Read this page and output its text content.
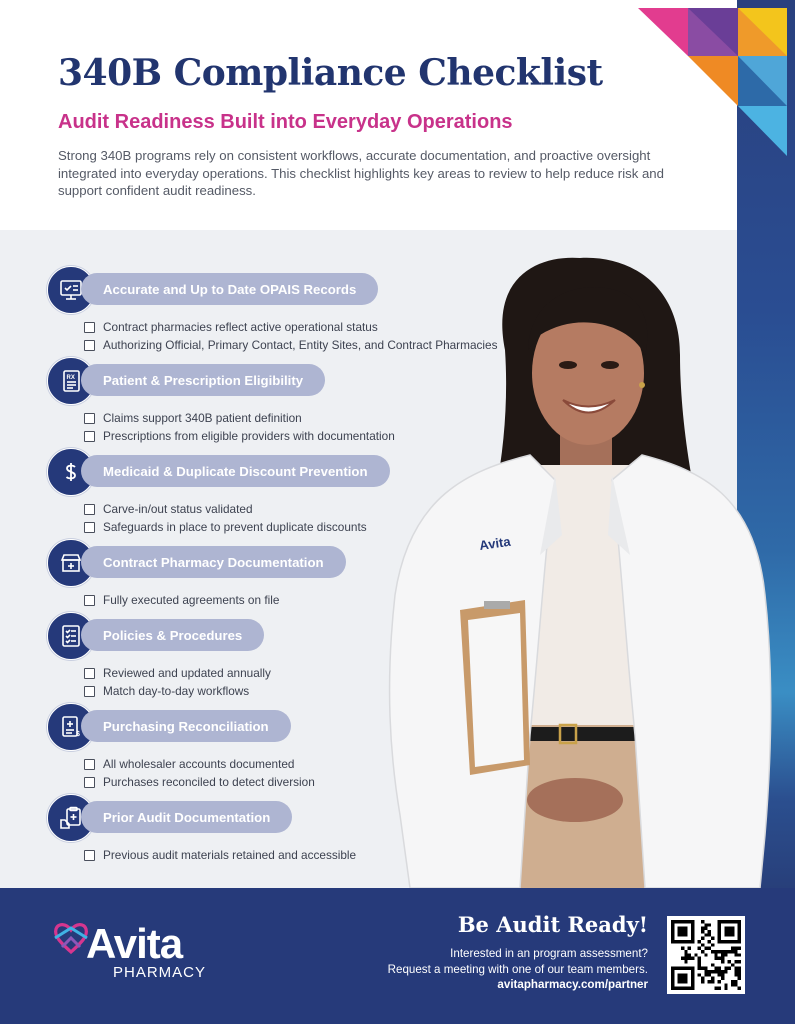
340B Compliance Checklist
Audit Readiness Built into Everyday Operations

Strong 340B programs rely on consistent workflows, accurate documentation, and proactive oversight integrated into everyday operations. This checklist highlights key areas to review to help reduce risk and support confident audit readiness.

Avita
Accurate and Up to Date OPAIS Records
Contract pharmacies reflect active operational status
Authorizing Official, Primary Contact, Entity Sites, and Contract Pharmacies
RX Patient & Prescription Eligibility
Claims support 340B patient definition
Prescriptions from eligible providers with documentation
Medicaid & Duplicate Discount Prevention
Carve-in/out status validated
Safeguards in place to prevent duplicate discounts
Contract Pharmacy Documentation
Fully executed agreements on file
Policies & Procedures
Reviewed and updated annually
Match day-to-day workflows
$
Purchasing Reconciliation
All wholesaler accounts documented
Purchases reconciled to detect diversion
Prior Audit Documentation
Previous audit materials retained and accessible
Avita
PHARMACY
Be Audit Ready!
Interested in an program assessment?
Request a meeting with one of our team members.
avitapharmacy.com/partner
